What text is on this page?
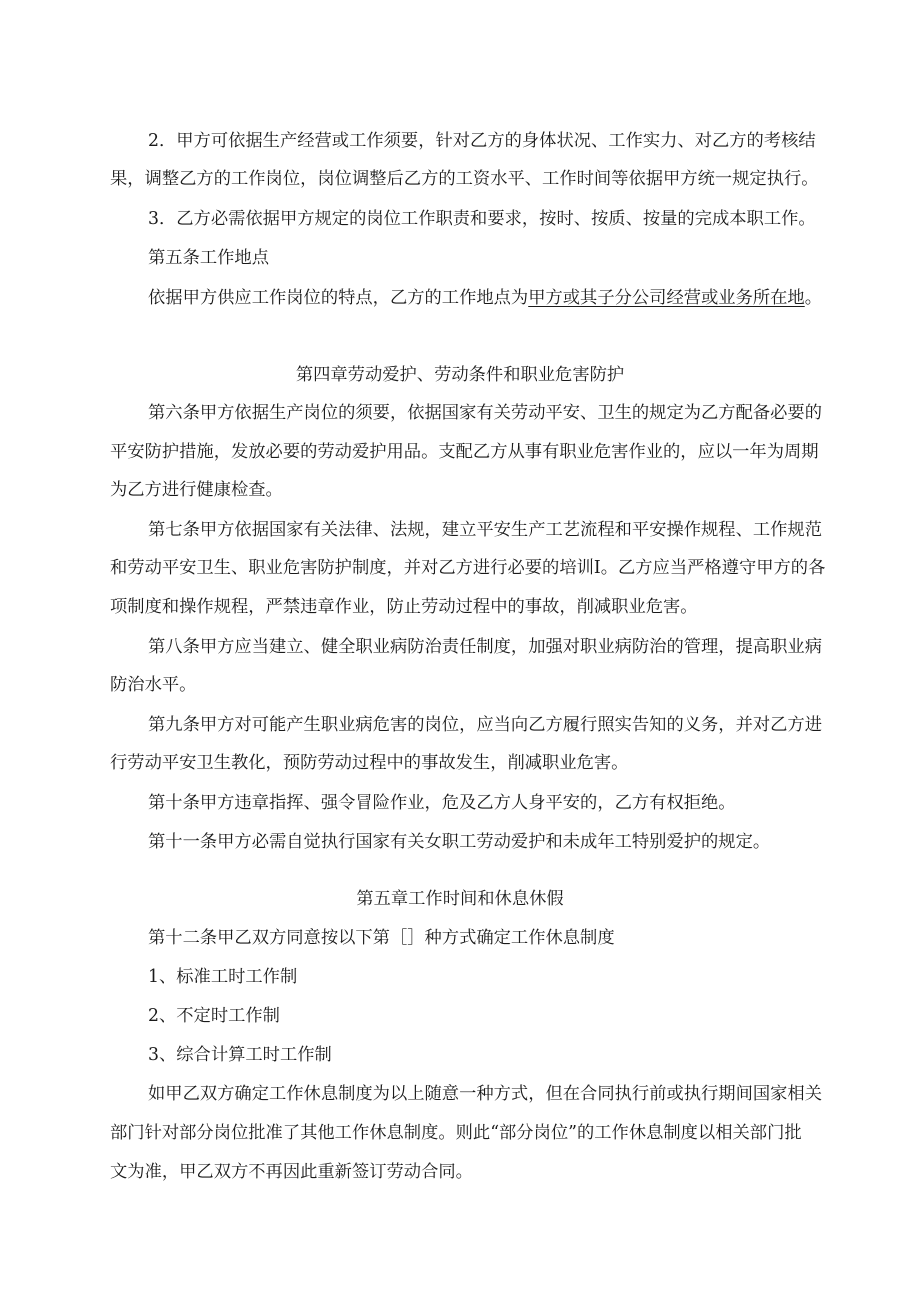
2．甲方可依据生产经营或工作须要，针对乙方的身体状况、工作实力、对乙方的考核结
果，调整乙方的工作岗位，岗位调整后乙方的工资水平、工作时间等依据甲方统一规定执行。
3．乙方必需依据甲方规定的岗位工作职责和要求，按时、按质、按量的完成本职工作。
第五条工作地点
依据甲方供应工作岗位的特点，乙方的工作地点为甲方或其子分公司经营或业务所在地。
第四章劳动爱护、劳动条件和职业危害防护
第六条甲方依据生产岗位的须要，依据国家有关劳动平安、卫生的规定为乙方配备必要的
平安防护措施，发放必要的劳动爱护用品。支配乙方从事有职业危害作业的，应以一年为周期
为乙方进行健康检查。
第七条甲方依据国家有关法律、法规，建立平安生产工艺流程和平安操作规程、工作规范
和劳动平安卫生、职业危害防护制度，并对乙方进行必要的培训I。乙方应当严格遵守甲方的各
项制度和操作规程，严禁违章作业，防止劳动过程中的事故，削减职业危害。
第八条甲方应当建立、健全职业病防治责任制度，加强对职业病防治的管理，提高职业病
防治水平。
第九条甲方对可能产生职业病危害的岗位，应当向乙方履行照实告知的义务，并对乙方进
行劳动平安卫生教化，预防劳动过程中的事故发生，削减职业危害。
第十条甲方违章指挥、强令冒险作业，危及乙方人身平安的，乙方有权拒绝。
第十一条甲方必需自觉执行国家有关女职工劳动爱护和未成年工特别爱护的规定。
第五章工作时间和休息休假
第十二条甲乙双方同意按以下第［］种方式确定工作休息制度
1、标准工时工作制
2、不定时工作制
3、综合计算工时工作制
如甲乙双方确定工作休息制度为以上随意一种方式，但在合同执行前或执行期间国家相关
部门针对部分岗位批准了其他工作休息制度。则此“部分岗位”的工作休息制度以相关部门批
文为准，甲乙双方不再因此重新签订劳动合同。
